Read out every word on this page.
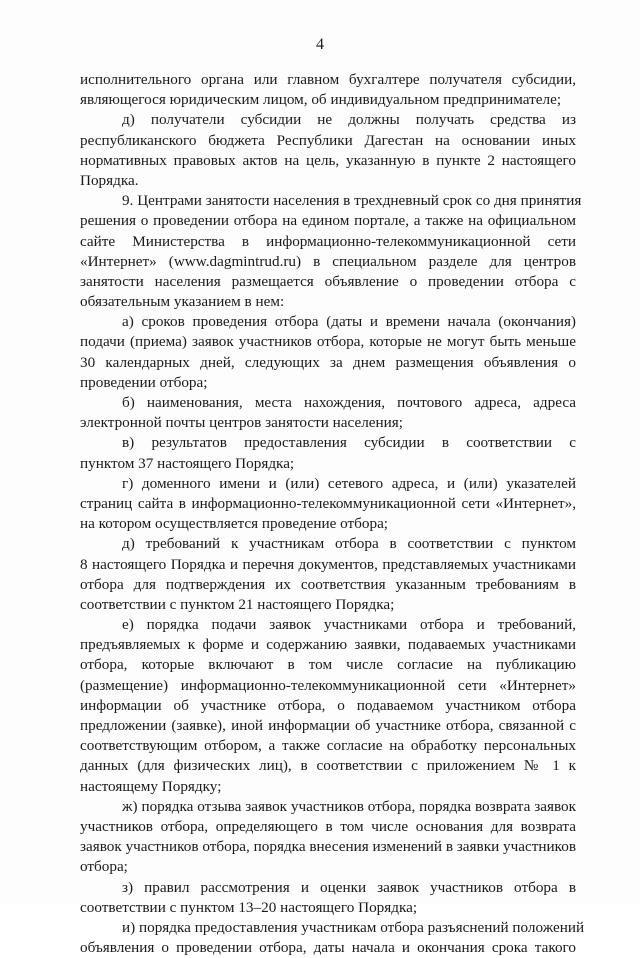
4
исполнительного органа или главном бухгалтере получателя субсидии,
являющегося юридическим лицом, об индивидуальном предпринимателе;
д) получатели субсидии не должны получать средства из
республиканского бюджета Республики Дагестан на основании иных
нормативных правовых актов на цель, указанную в пункте 2 настоящего
Порядка.
9. Центрами занятости населения в трехдневный срок со дня принятия
решения о проведении отбора на едином портале, а также на официальном
сайте Министерства в информационно-телекоммуникационной сети
«Интернет» (www.dagmintrud.ru) в специальном разделе для центров
занятости населения размещается объявление о проведении отбора с
обязательным указанием в нем:
а) сроков проведения отбора (даты и времени начала (окончания)
подачи (приема) заявок участников отбора, которые не могут быть меньше
30 календарных дней, следующих за днем размещения объявления о
проведении отбора;
б) наименования, места нахождения, почтового адреса, адреса
электронной почты центров занятости населения;
в) результатов предоставления субсидии в соответствии с
пунктом 37 настоящего Порядка;
г) доменного имени и (или) сетевого адреса, и (или) указателей
страниц сайта в информационно-телекоммуникационной сети «Интернет»,
на котором осуществляется проведение отбора;
д) требований к участникам отбора в соответствии с пунктом
8 настоящего Порядка и перечня документов, представляемых участниками
отбора для подтверждения их соответствия указанным требованиям в
соответствии с пунктом 21 настоящего Порядка;
е) порядка подачи заявок участниками отбора и требований,
предъявляемых к форме и содержанию заявки, подаваемых участниками
отбора, которые включают в том числе согласие на публикацию
(размещение) информационно-телекоммуникационной сети «Интернет»
информации об участнике отбора, о подаваемом участником отбора
предложении (заявке), иной информации об участнике отбора, связанной с
соответствующим отбором, а также согласие на обработку персональных
данных (для физических лиц), в соответствии с приложением № 1 к
настоящему Порядку;
ж) порядка отзыва заявок участников отбора, порядка возврата заявок
участников отбора, определяющего в том числе основания для возврата
заявок участников отбора, порядка внесения изменений в заявки участников
отбора;
з) правил рассмотрения и оценки заявок участников отбора в
соответствии с пунктом 13–20 настоящего Порядка;
и) порядка предоставления участникам отбора разъяснений положений
объявления о проведении отбора, даты начала и окончания срока такого
